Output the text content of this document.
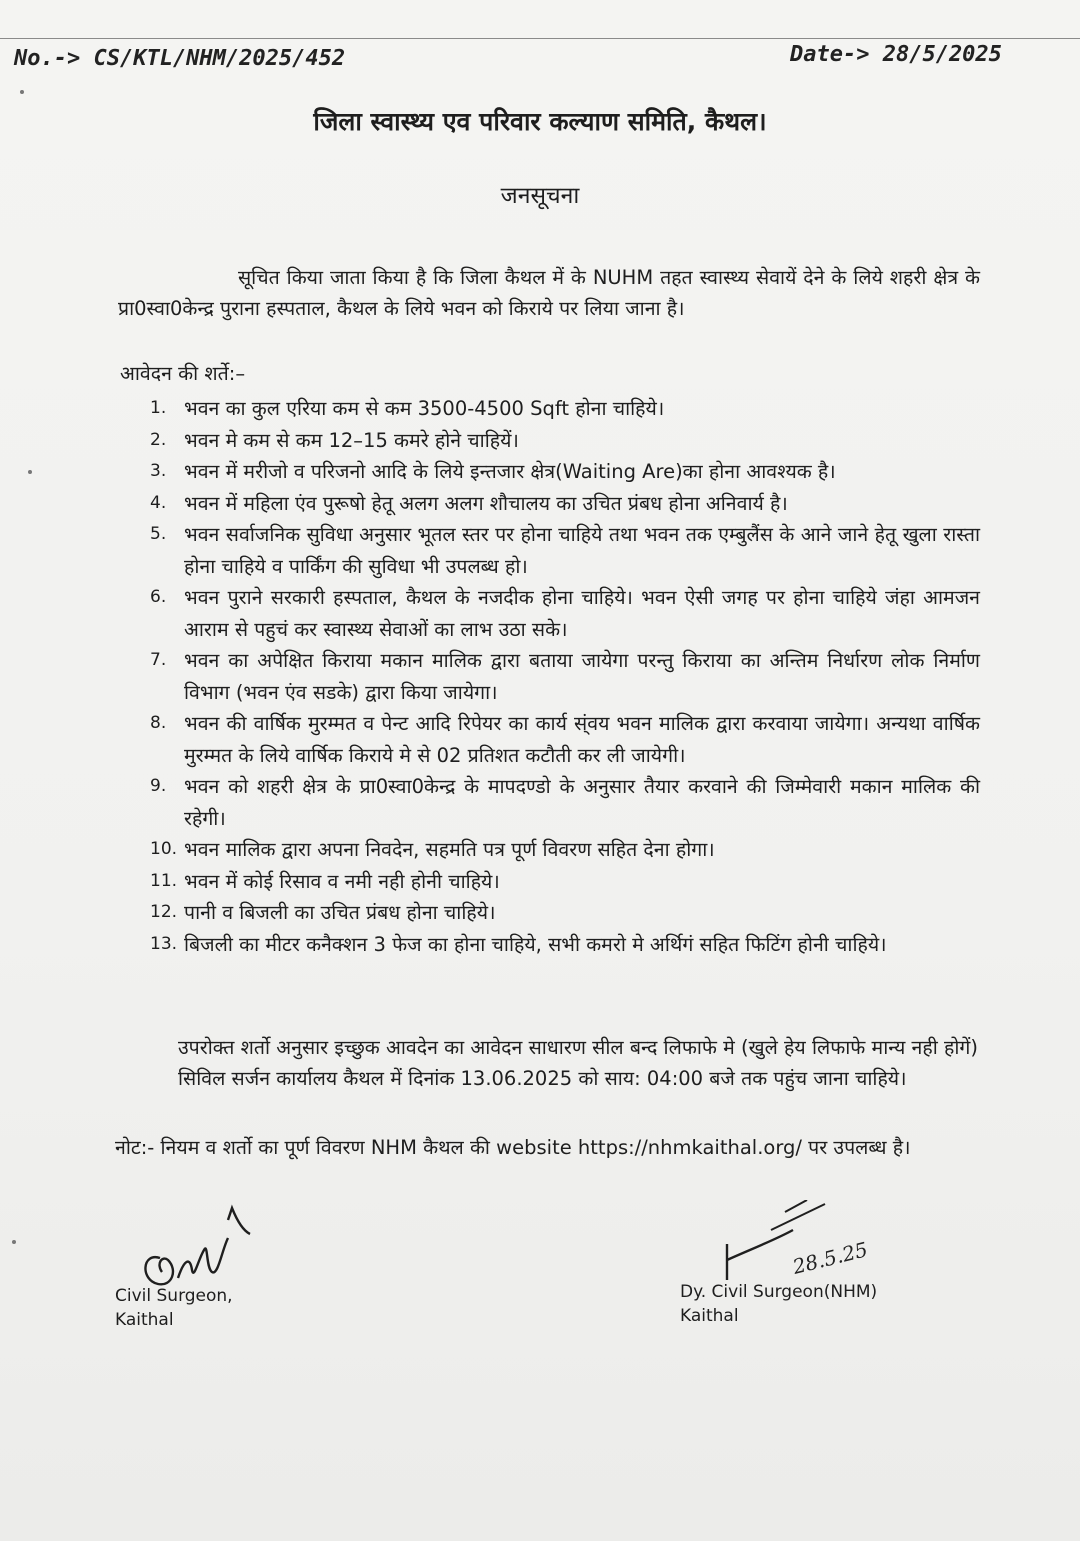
No.-> CS/KTL/NHM/2025/452	Date-> 28/5/2025
जिला स्वास्थ्य एव परिवार कल्याण समिति, कैथल।
जनसूचना
सूचित किया जाता किया है कि जिला कैथल में के NUHM तहत स्वास्थ्य सेवायें देने के लिये शहरी क्षेत्र के प्रा0स्वा0केन्द्र पुराना हस्पताल, कैथल के लिये भवन को किराये पर लिया जाना है।
आवेदन की शर्ते:–
1. भवन का कुल एरिया कम से कम 3500-4500 Sqft होना चाहिये।
2. भवन मे कम से कम 12–15 कमरे होने चाहियें।
3. भवन में मरीजो व परिजनो आदि के लिये इन्तजार क्षेत्र(Waiting Are)का होना आवश्यक है।
4. भवन में महिला एंव पुरूषो हेतू अलग अलग शौचालय का उचित प्रंबध होना अनिवार्य है।
5. भवन सर्वाजनिक सुविधा अनुसार भूतल स्तर पर होना चाहिये तथा भवन तक एम्बुलैंस के आने जाने हेतू खुला रास्ता होना चाहिये व पार्किंग की सुविधा भी उपलब्ध हो।
6. भवन पुराने सरकारी हस्पताल, कैथल के नजदीक होना चाहिये। भवन ऐसी जगह पर होना चाहिये जंहा आमजन आराम से पहुचं कर स्वास्थ्य सेवाओं का लाभ उठा सके।
7. भवन का अपेक्षित किराया मकान मालिक द्वारा बताया जायेगा परन्तु किराया का अन्तिम निर्धारण लोक निर्माण विभाग (भवन एंव सडके) द्वारा किया जायेगा।
8. भवन की वार्षिक मुरम्मत व पेन्ट आदि रिपेयर का कार्य स्ंवय भवन मालिक द्वारा करवाया जायेगा। अन्यथा वार्षिक मुरम्मत के लिये वार्षिक किराये मे से 02 प्रतिशत कटौती कर ली जायेगी।
9. भवन को शहरी क्षेत्र के प्रा0स्वा0केन्द्र के मापदण्डो के अनुसार तैयार करवाने की जिम्मेवारी मकान मालिक की रहेगी।
10. भवन मालिक द्वारा अपना निवदेन, सहमति पत्र पूर्ण विवरण सहित देना होगा।
11. भवन में कोई रिसाव व नमी नही होनी चाहिये।
12. पानी व बिजली का उचित प्रंबध होना चाहिये।
13. बिजली का मीटर कनैक्शन 3 फेज का होना चाहिये, सभी कमरो मे अर्थिगं सहित फिटिंग होनी चाहिये।
उपरोक्त शर्तो अनुसार इच्छुक आवदेन का आवेदन साधारण सील बन्द लिफाफे मे (खुले हेय लिफाफे मान्य नही होगें) सिविल सर्जन कार्यालय कैथल में दिनांक 13.06.2025 को साय: 04:00 बजे तक पहुंच जाना चाहिये।
नोट:- नियम व शर्तो का पूर्ण विवरण NHM कैथल की website https://nhmkaithal.org/ पर उपलब्ध है।
Civil Surgeon,
Kaithal
28.5.25
Dy. Civil Surgeon(NHM)
Kaithal
